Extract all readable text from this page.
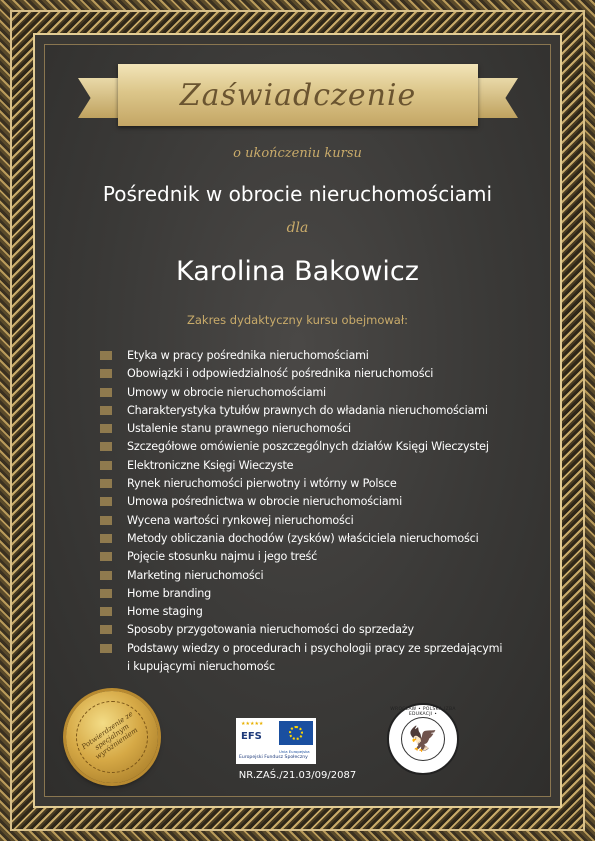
Zaświadczenie
o ukończeniu kursu
Pośrednik w obrocie nieruchomościami
dla
Karolina Bakowicz
Zakres dydaktyczny kursu obejmował:
Etyka w pracy pośrednika nieruchomościami
Obowiązki i odpowiedzialność pośrednika nieruchomości
Umowy w obrocie nieruchomościami
Charakterystyka tytułów prawnych do władania nieruchomościami
Ustalenie stanu prawnego nieruchomości
Szczegółowe omówienie poszczególnych działów Księgi Wieczystej
Elektroniczne Księgi Wieczyste
Rynek nieruchomości pierwotny i wtórny w Polsce
Umowa pośrednictwa w obrocie nieruchomościami
Wycena wartości rynkowej nieruchomości
Metody obliczania dochodów (zysków) właściciela nieruchomości
Pojęcie stosunku najmu i jego treść
Marketing nieruchomości
Home branding
Home staging
Sposoby przygotowania nieruchomości do sprzedaży
Podstawy wiedzy o procedurach i psychologii pracy ze sprzedającymi
i kupującymi nieruchomośc
Potwierdzenie ze specjalnym wyróżnieniem
★★★★★
EFS
Unia Europejska
Europejski Fundusz Społeczny
NR.ZAŚ./21.03/09/2087
WROCŁAW • POLSKA IZBA EDUKACJI •
🦅
